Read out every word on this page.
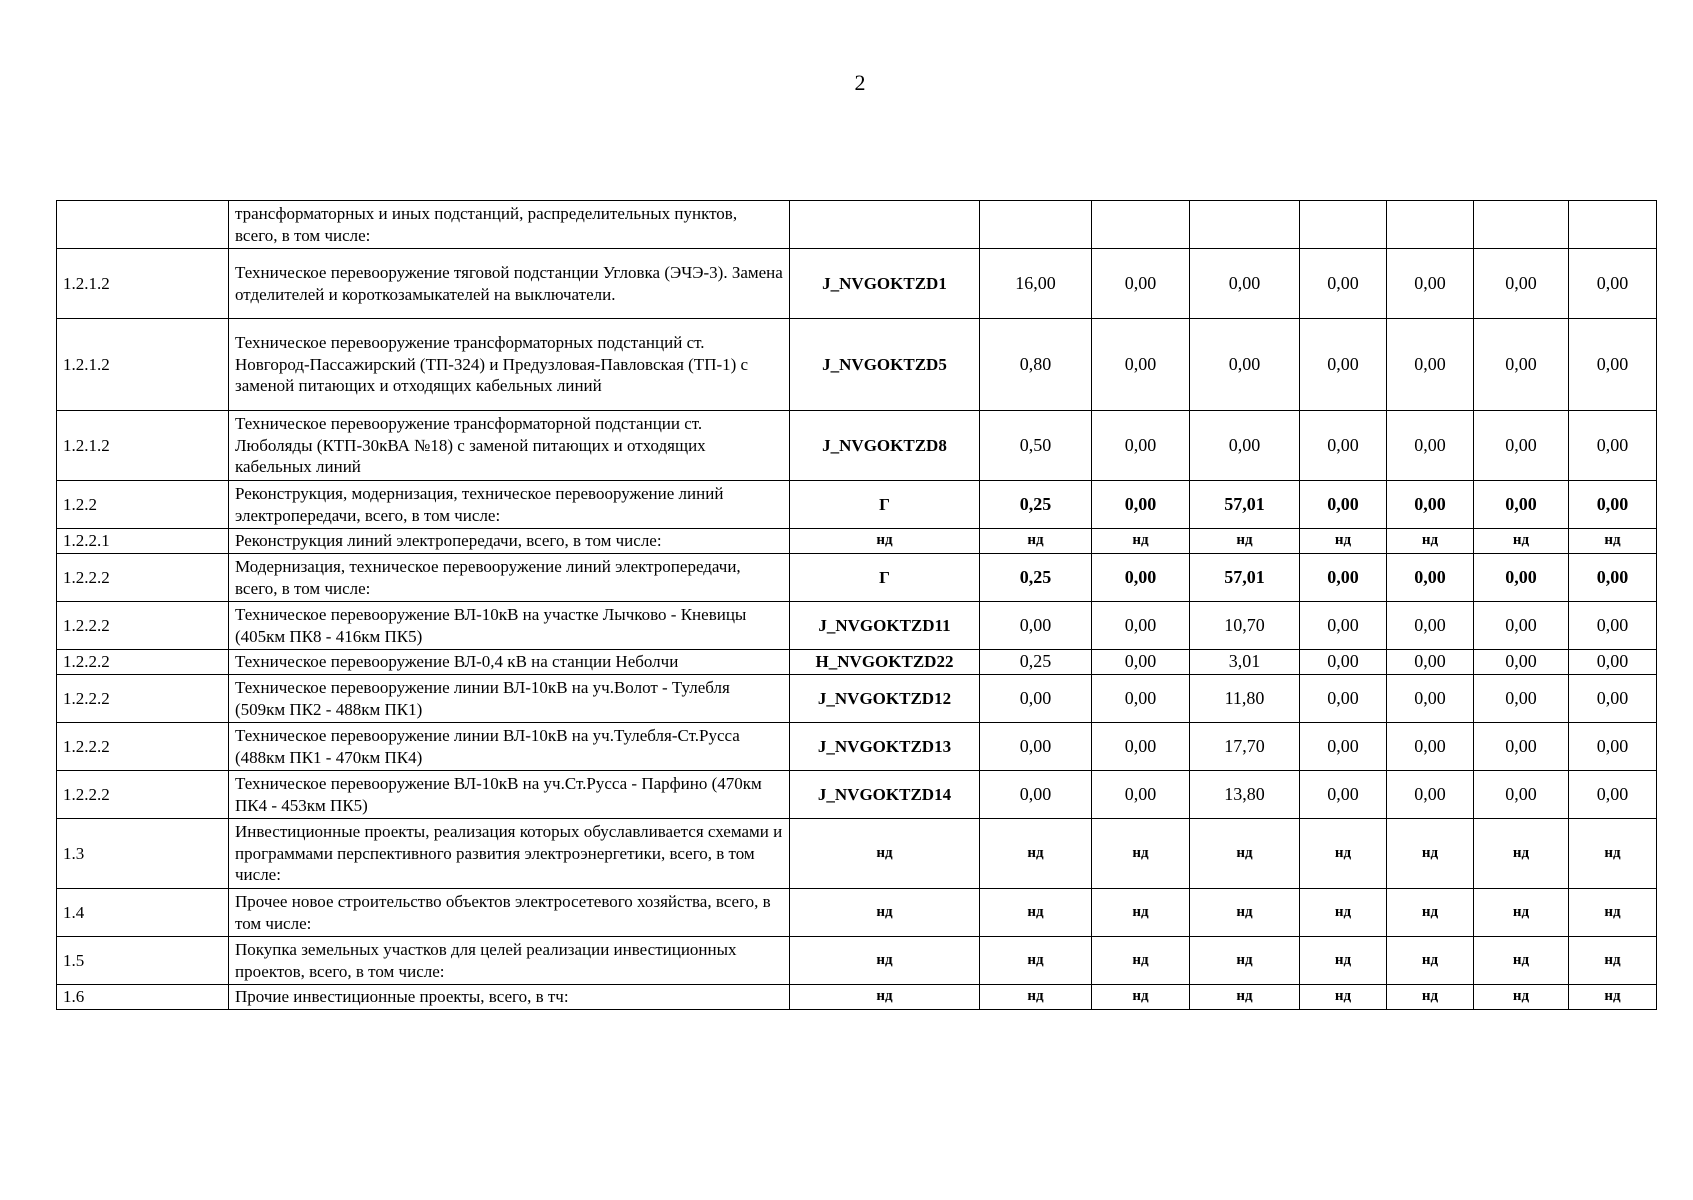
2
	трансформаторных и иных подстанций, распределительных пунктов, всего, в том числе:								
1.2.1.2	Техническое перевооружение тяговой подстанции Угловка (ЭЧЭ-3). Замена отделителей и короткозамыкателей на выключатели.	J_NVGOKTZD1	16,00	0,00	0,00	0,00	0,00	0,00	0,00
1.2.1.2	Техническое перевооружение трансформаторных подстанций ст. Новгород-Пассажирский (ТП-324) и Предузловая-Павловская (ТП-1) с заменой питающих и отходящих кабельных линий	J_NVGOKTZD5	0,80	0,00	0,00	0,00	0,00	0,00	0,00
1.2.1.2	Техническое перевооружение трансформаторной подстанции ст. Люболяды (КТП-30кВА №18) с заменой питающих и отходящих кабельных линий	J_NVGOKTZD8	0,50	0,00	0,00	0,00	0,00	0,00	0,00
1.2.2	Реконструкция, модернизация, техническое перевооружение линий электропередачи, всего, в том числе:	Г	0,25	0,00	57,01	0,00	0,00	0,00	0,00
1.2.2.1	Реконструкция линий электропередачи, всего, в том числе:	нд	нд	нд	нд	нд	нд	нд	нд
1.2.2.2	Модернизация, техническое перевооружение линий электропередачи, всего, в том числе:	Г	0,25	0,00	57,01	0,00	0,00	0,00	0,00
1.2.2.2	Техническое перевооружение ВЛ-10кВ на участке Лычково - Кневицы (405км ПК8 - 416км ПК5)	J_NVGOKTZD11	0,00	0,00	10,70	0,00	0,00	0,00	0,00
1.2.2.2	Техническое перевооружение ВЛ-0,4 кВ на станции Неболчи	H_NVGOKTZD22	0,25	0,00	3,01	0,00	0,00	0,00	0,00
1.2.2.2	Техническое перевооружение линии ВЛ-10кВ на уч.Волот - Тулебля (509км ПК2 - 488км ПК1)	J_NVGOKTZD12	0,00	0,00	11,80	0,00	0,00	0,00	0,00
1.2.2.2	Техническое перевооружение линии ВЛ-10кВ на уч.Тулебля-Ст.Русса (488км ПК1 - 470км ПК4)	J_NVGOKTZD13	0,00	0,00	17,70	0,00	0,00	0,00	0,00
1.2.2.2	Техническое перевооружение ВЛ-10кВ на уч.Ст.Русса - Парфино (470км ПК4 - 453км ПК5)	J_NVGOKTZD14	0,00	0,00	13,80	0,00	0,00	0,00	0,00
1.3	Инвестиционные проекты, реализация которых обуславливается схемами и программами перспективного развития электроэнергетики, всего, в том числе:	нд	нд	нд	нд	нд	нд	нд	нд
1.4	Прочее новое строительство объектов электросетевого хозяйства, всего, в том числе:	нд	нд	нд	нд	нд	нд	нд	нд
1.5	Покупка земельных участков для целей реализации инвестиционных проектов, всего, в том числе:	нд	нд	нд	нд	нд	нд	нд	нд
1.6	Прочие инвестиционные проекты, всего, в тч:	нд	нд	нд	нд	нд	нд	нд	нд
